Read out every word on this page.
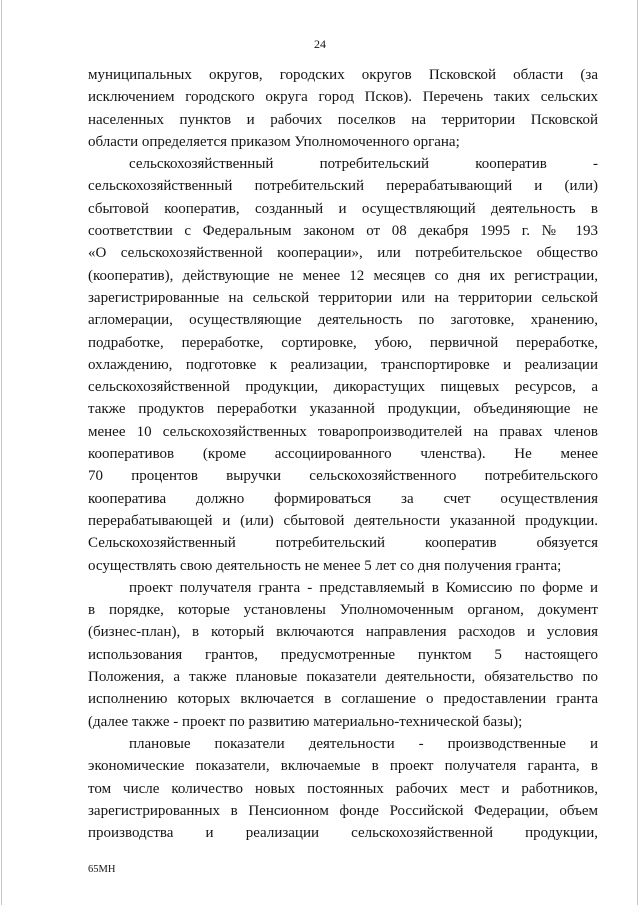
24
муниципальных округов, городских округов Псковской области (за
исключением городского округа город Псков). Перечень таких сельских
населенных пунктов и рабочих поселков на территории Псковской
области определяется приказом Уполномоченного органа;
сельскохозяйственный потребительский кооператив -
сельскохозяйственный потребительский перерабатывающий и (или)
сбытовой кооператив, созданный и осуществляющий деятельность в
соответствии с Федеральным законом от 08 декабря 1995 г. № 193
«О сельскохозяйственной кооперации», или потребительское общество
(кооператив), действующие не менее 12 месяцев со дня их регистрации,
зарегистрированные на сельской территории или на территории сельской
агломерации, осуществляющие деятельность по заготовке, хранению,
подработке, переработке, сортировке, убою, первичной переработке,
охлаждению, подготовке к реализации, транспортировке и реализации
сельскохозяйственной продукции, дикорастущих пищевых ресурсов, а
также продуктов переработки указанной продукции, объединяющие не
менее 10 сельскохозяйственных товаропроизводителей на правах членов
кооперативов (кроме ассоциированного членства). Не менее
70 процентов выручки сельскохозяйственного потребительского
кооператива должно формироваться за счет осуществления
перерабатывающей и (или) сбытовой деятельности указанной продукции.
Сельскохозяйственный потребительский кооператив обязуется
осуществлять свою деятельность не менее 5 лет со дня получения гранта;
проект получателя гранта - представляемый в Комиссию по форме и
в порядке, которые установлены Уполномоченным органом, документ
(бизнес-план), в который включаются направления расходов и условия
использования грантов, предусмотренные пунктом 5 настоящего
Положения, а также плановые показатели деятельности, обязательство по
исполнению которых включается в соглашение о предоставлении гранта
(далее также - проект по развитию материально-технической базы);
плановые показатели деятельности - производственные и
экономические показатели, включаемые в проект получателя гаранта, в
том числе количество новых постоянных рабочих мест и работников,
зарегистрированных в Пенсионном фонде Российской Федерации, объем
производства и реализации сельскохозяйственной продукции,
65МН
